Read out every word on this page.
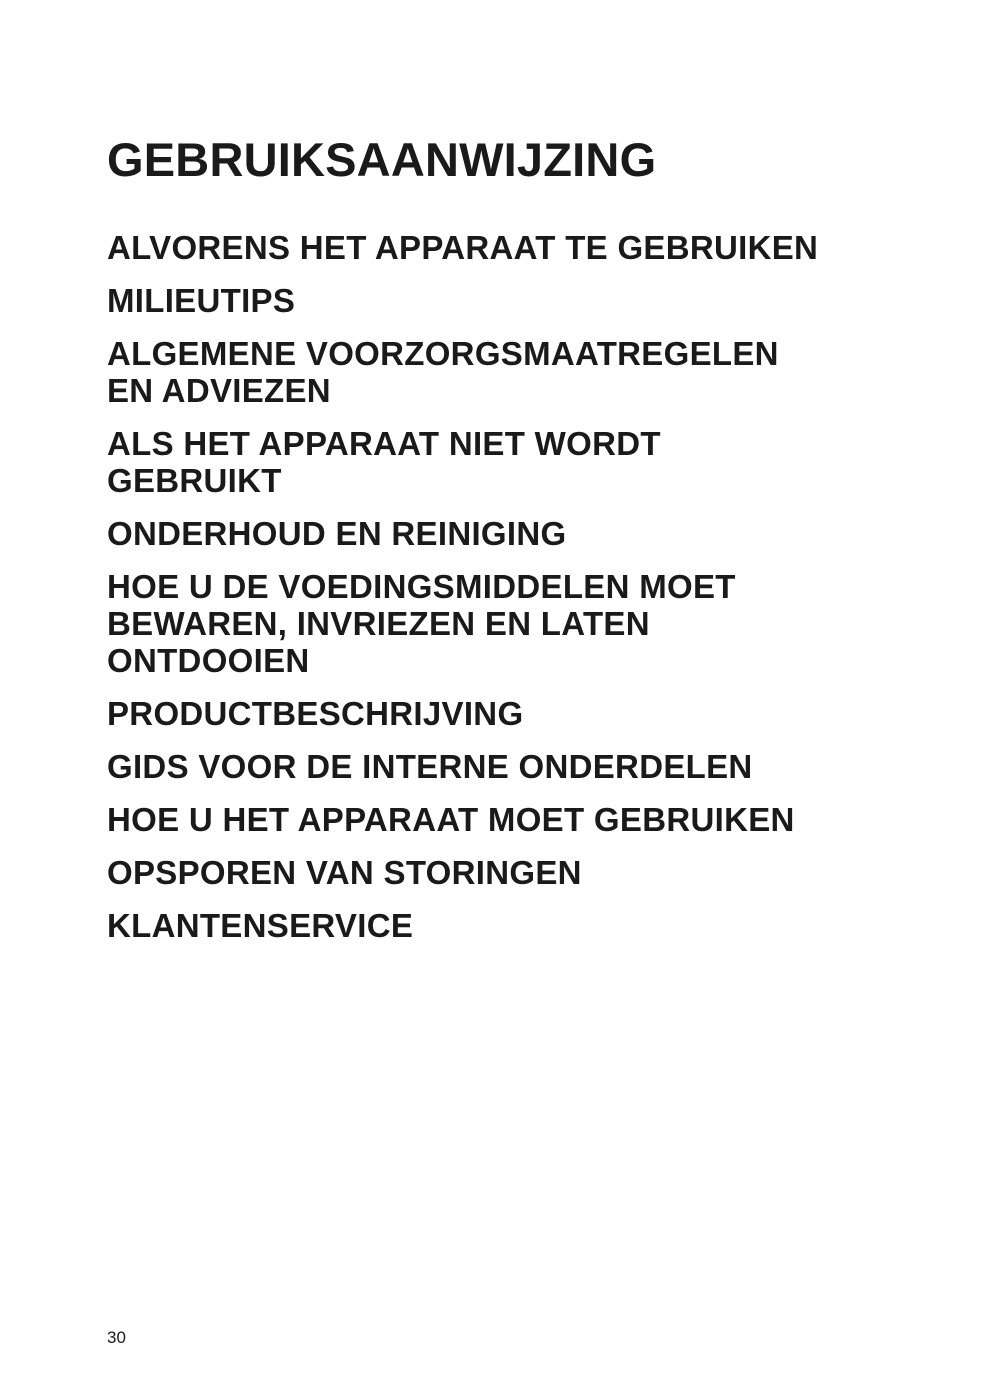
GEBRUIKSAANWIJZING
ALVORENS HET APPARAAT TE GEBRUIKEN
MILIEUTIPS
ALGEMENE VOORZORGSMAATREGELEN
EN ADVIEZEN
ALS HET APPARAAT NIET WORDT
GEBRUIKT
ONDERHOUD EN REINIGING
HOE U DE VOEDINGSMIDDELEN MOET
BEWAREN, INVRIEZEN EN LATEN
ONTDOOIEN
PRODUCTBESCHRIJVING
GIDS VOOR DE INTERNE ONDERDELEN
HOE U HET APPARAAT MOET GEBRUIKEN
OPSPOREN VAN STORINGEN
KLANTENSERVICE
30
